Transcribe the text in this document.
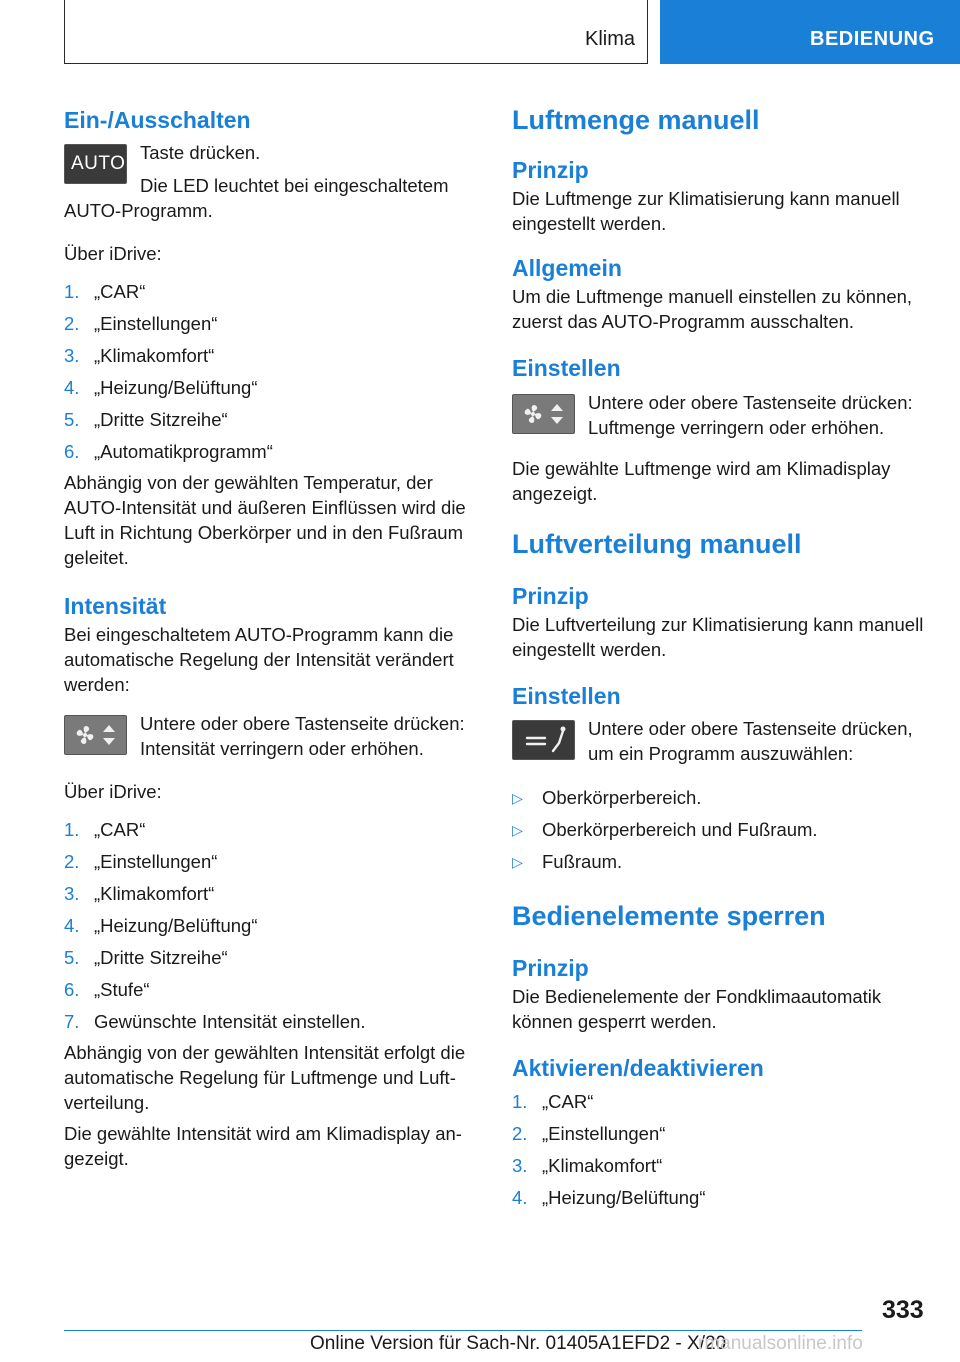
Klima	BEDIENUNG
Ein-/Ausschalten
AUTO

Taste drücken.

Die LED leuchtet bei eingeschaltetem

AUTO-Programm.

Über iDrive:

1. „CAR“
2. „Einstellungen“
3. „Klimakomfort“
4. „Heizung/Belüftung“
5. „Dritte Sitzreihe“
6. „Automatikprogramm“

Abhängig von der gewählten Temperatur, der AUTO-Intensität und äußeren Einflüssen wird die Luft in Richtung Oberkörper und in den Fußraum geleitet.

Intensität

Bei eingeschaltetem AUTO-Programm kann die automatische Regelung der Intensität verändert werden:

Untere oder obere Tastenseite drücken: Intensität verringern oder erhöhen.

Über iDrive:

1. „CAR“
2. „Einstellungen“
3. „Klimakomfort“
4. „Heizung/Belüftung“
5. „Dritte Sitzreihe“
6. „Stufe“
7. Gewünschte Intensität einstellen.

Abhängig von der gewählten Intensität erfolgt die automatische Regelung für Luftmenge und Luftverteilung.

Die gewählte Intensität wird am Klimadisplay angezeigt.

Luftmenge manuell
Prinzip

Die Luftmenge zur Klimatisierung kann manuell eingestellt werden.

Allgemein

Um die Luftmenge manuell einstellen zu können, zuerst das AUTO-Programm ausschalten.

Einstellen

Untere oder obere Tastenseite drücken: Luftmenge verringern oder erhöhen.

Die gewählte Luftmenge wird am Klimadisplay angezeigt.

Luftverteilung manuell
Prinzip

Die Luftverteilung zur Klimatisierung kann manuell eingestellt werden.

Einstellen

Untere oder obere Tastenseite drücken, um ein Programm auszuwählen:

▷ Oberkörperbereich.
▷ Oberkörperbereich und Fußraum.
▷ Fußraum.
Bedienelemente sperren
Prinzip

Die Bedienelemente der Fondklimaautomatik können gesperrt werden.

Aktivieren/deaktivieren
1. „CAR“
2. „Einstellungen“
3. „Klimakomfort“
4. „Heizung/Belüftung“
333
Online Version für Sach-Nr. 01405A1EFD2 - X/20
rmanualsonline.info
